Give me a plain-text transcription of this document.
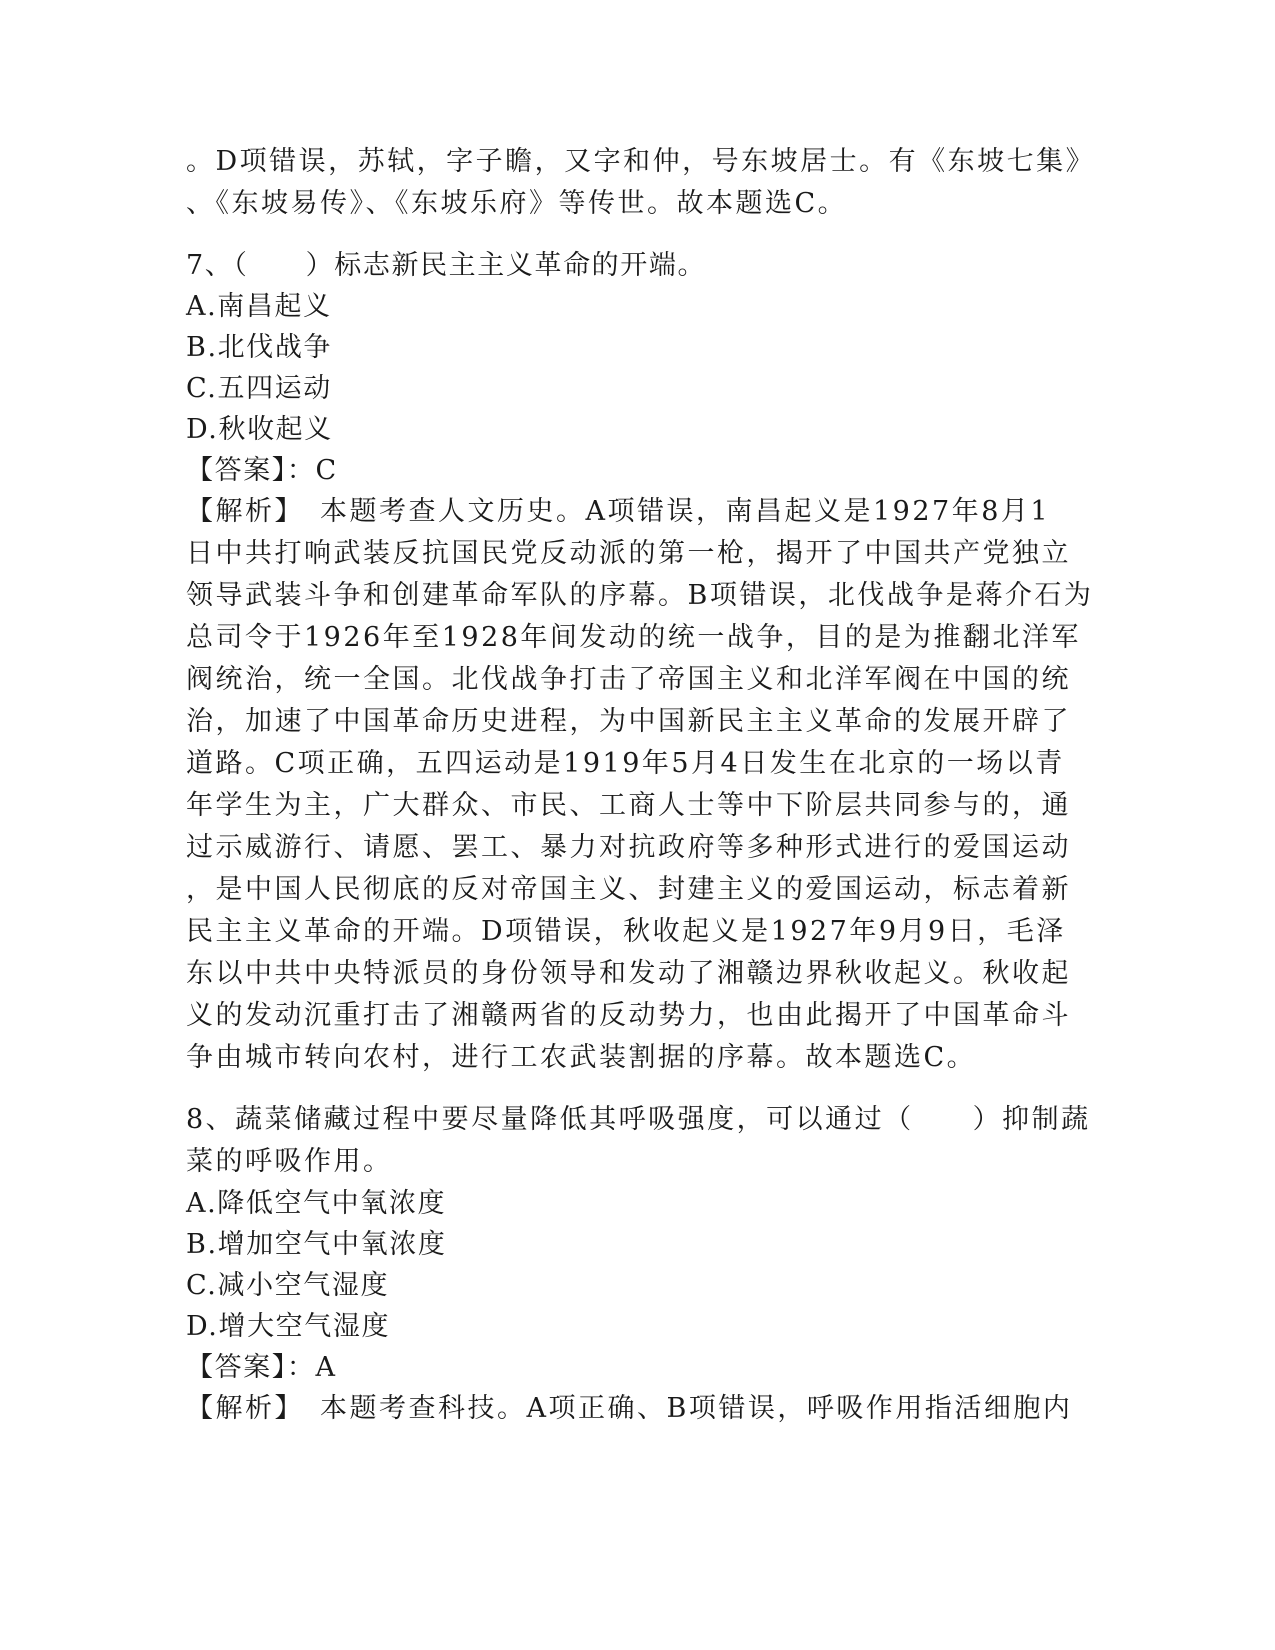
。D项错误，苏轼，字子瞻，又字和仲，号东坡居士。有《东坡七集》

、《东坡易传》、《东坡乐府》等传世。故本题选C。

7、（　　）标志新民主主义革命的开端。

A.南昌起义

B.北伐战争

C.五四运动

D.秋收起义

【答案】：C

【解析】　本题考查人文历史。A项错误，南昌起义是1927年8月1

日中共打响武装反抗国民党反动派的第一枪，揭开了中国共产党独立

领导武装斗争和创建革命军队的序幕。B项错误，北伐战争是蒋介石为

总司令于1926年至1928年间发动的统一战争，目的是为推翻北洋军

阀统治，统一全国。北伐战争打击了帝国主义和北洋军阀在中国的统

治，加速了中国革命历史进程，为中国新民主主义革命的发展开辟了

道路。C项正确，五四运动是1919年5月4日发生在北京的一场以青

年学生为主，广大群众、市民、工商人士等中下阶层共同参与的，通

过示威游行、请愿、罢工、暴力对抗政府等多种形式进行的爱国运动

，是中国人民彻底的反对帝国主义、封建主义的爱国运动，标志着新

民主主义革命的开端。D项错误，秋收起义是1927年9月9日，毛泽

东以中共中央特派员的身份领导和发动了湘赣边界秋收起义。秋收起

义的发动沉重打击了湘赣两省的反动势力，也由此揭开了中国革命斗

争由城市转向农村，进行工农武装割据的序幕。故本题选C。

8、蔬菜储藏过程中要尽量降低其呼吸强度，可以通过（　　）抑制蔬

菜的呼吸作用。

A.降低空气中氧浓度

B.增加空气中氧浓度

C.减小空气湿度

D.增大空气湿度

【答案】：A

【解析】　本题考查科技。A项正确、B项错误，呼吸作用指活细胞内
